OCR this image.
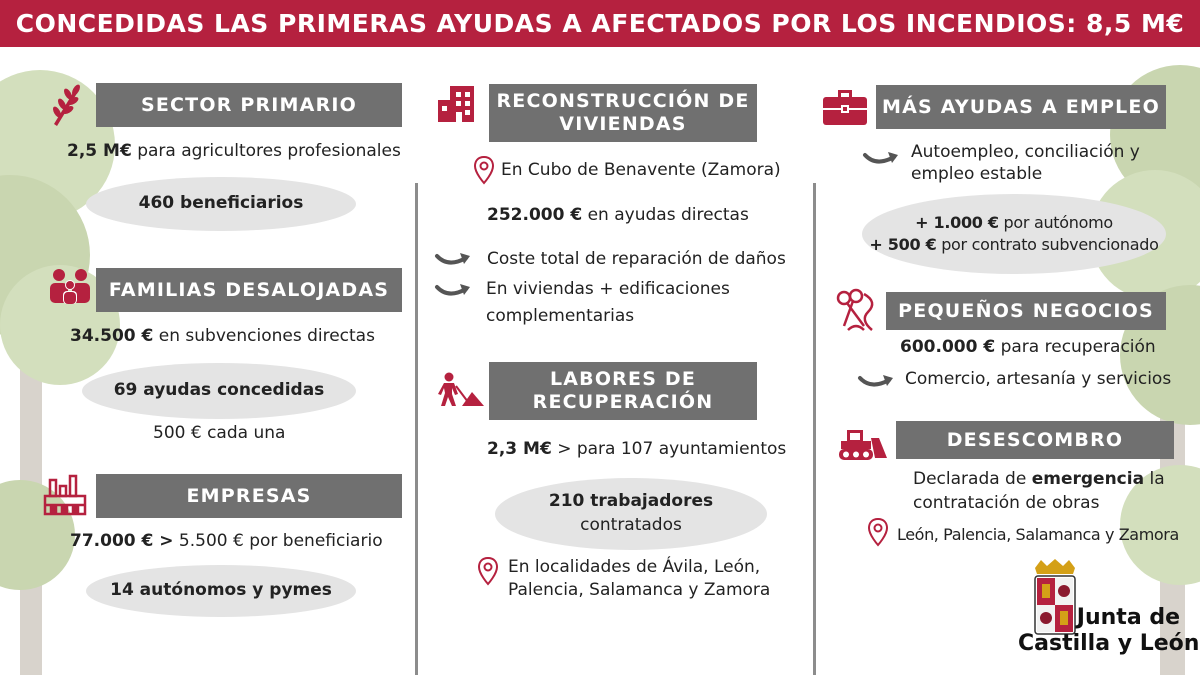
CONCEDIDAS LAS PRIMERAS AYUDAS A AFECTADOS POR LOS INCENDIOS: 8,5 M€
SECTOR PRIMARIO
2,5 M€ para agricultores profesionales
460 beneficiarios
FAMILIAS DESALOJADAS
34.500 € en subvenciones directas
69 ayudas concedidas
500 € cada una
EMPRESAS
77.000 € > 5.500 € por beneficiario
14 autónomos y pymes
RECONSTRUCCIÓN DE
VIVIENDAS
En Cubo de Benavente (Zamora)
252.000 € en ayudas directas
Coste total de reparación de daños
En viviendas + edificaciones
complementarias
LABORES DE
RECUPERACIÓN
2,3 M€ > para 107 ayuntamientos
210 trabajadores
contratados
En localidades de Ávila, León,
Palencia, Salamanca y Zamora
MÁS AYUDAS A EMPLEO
Autoempleo, conciliación y
empleo estable
+ 1.000 € por autónomo
+ 500 € por contrato subvencionado
PEQUEÑOS NEGOCIOS
600.000 € para recuperación
Comercio, artesanía y servicios
DESESCOMBRO
Declarada de emergencia la
contratación de obras
León, Palencia, Salamanca y Zamora
Junta de
Castilla y León
